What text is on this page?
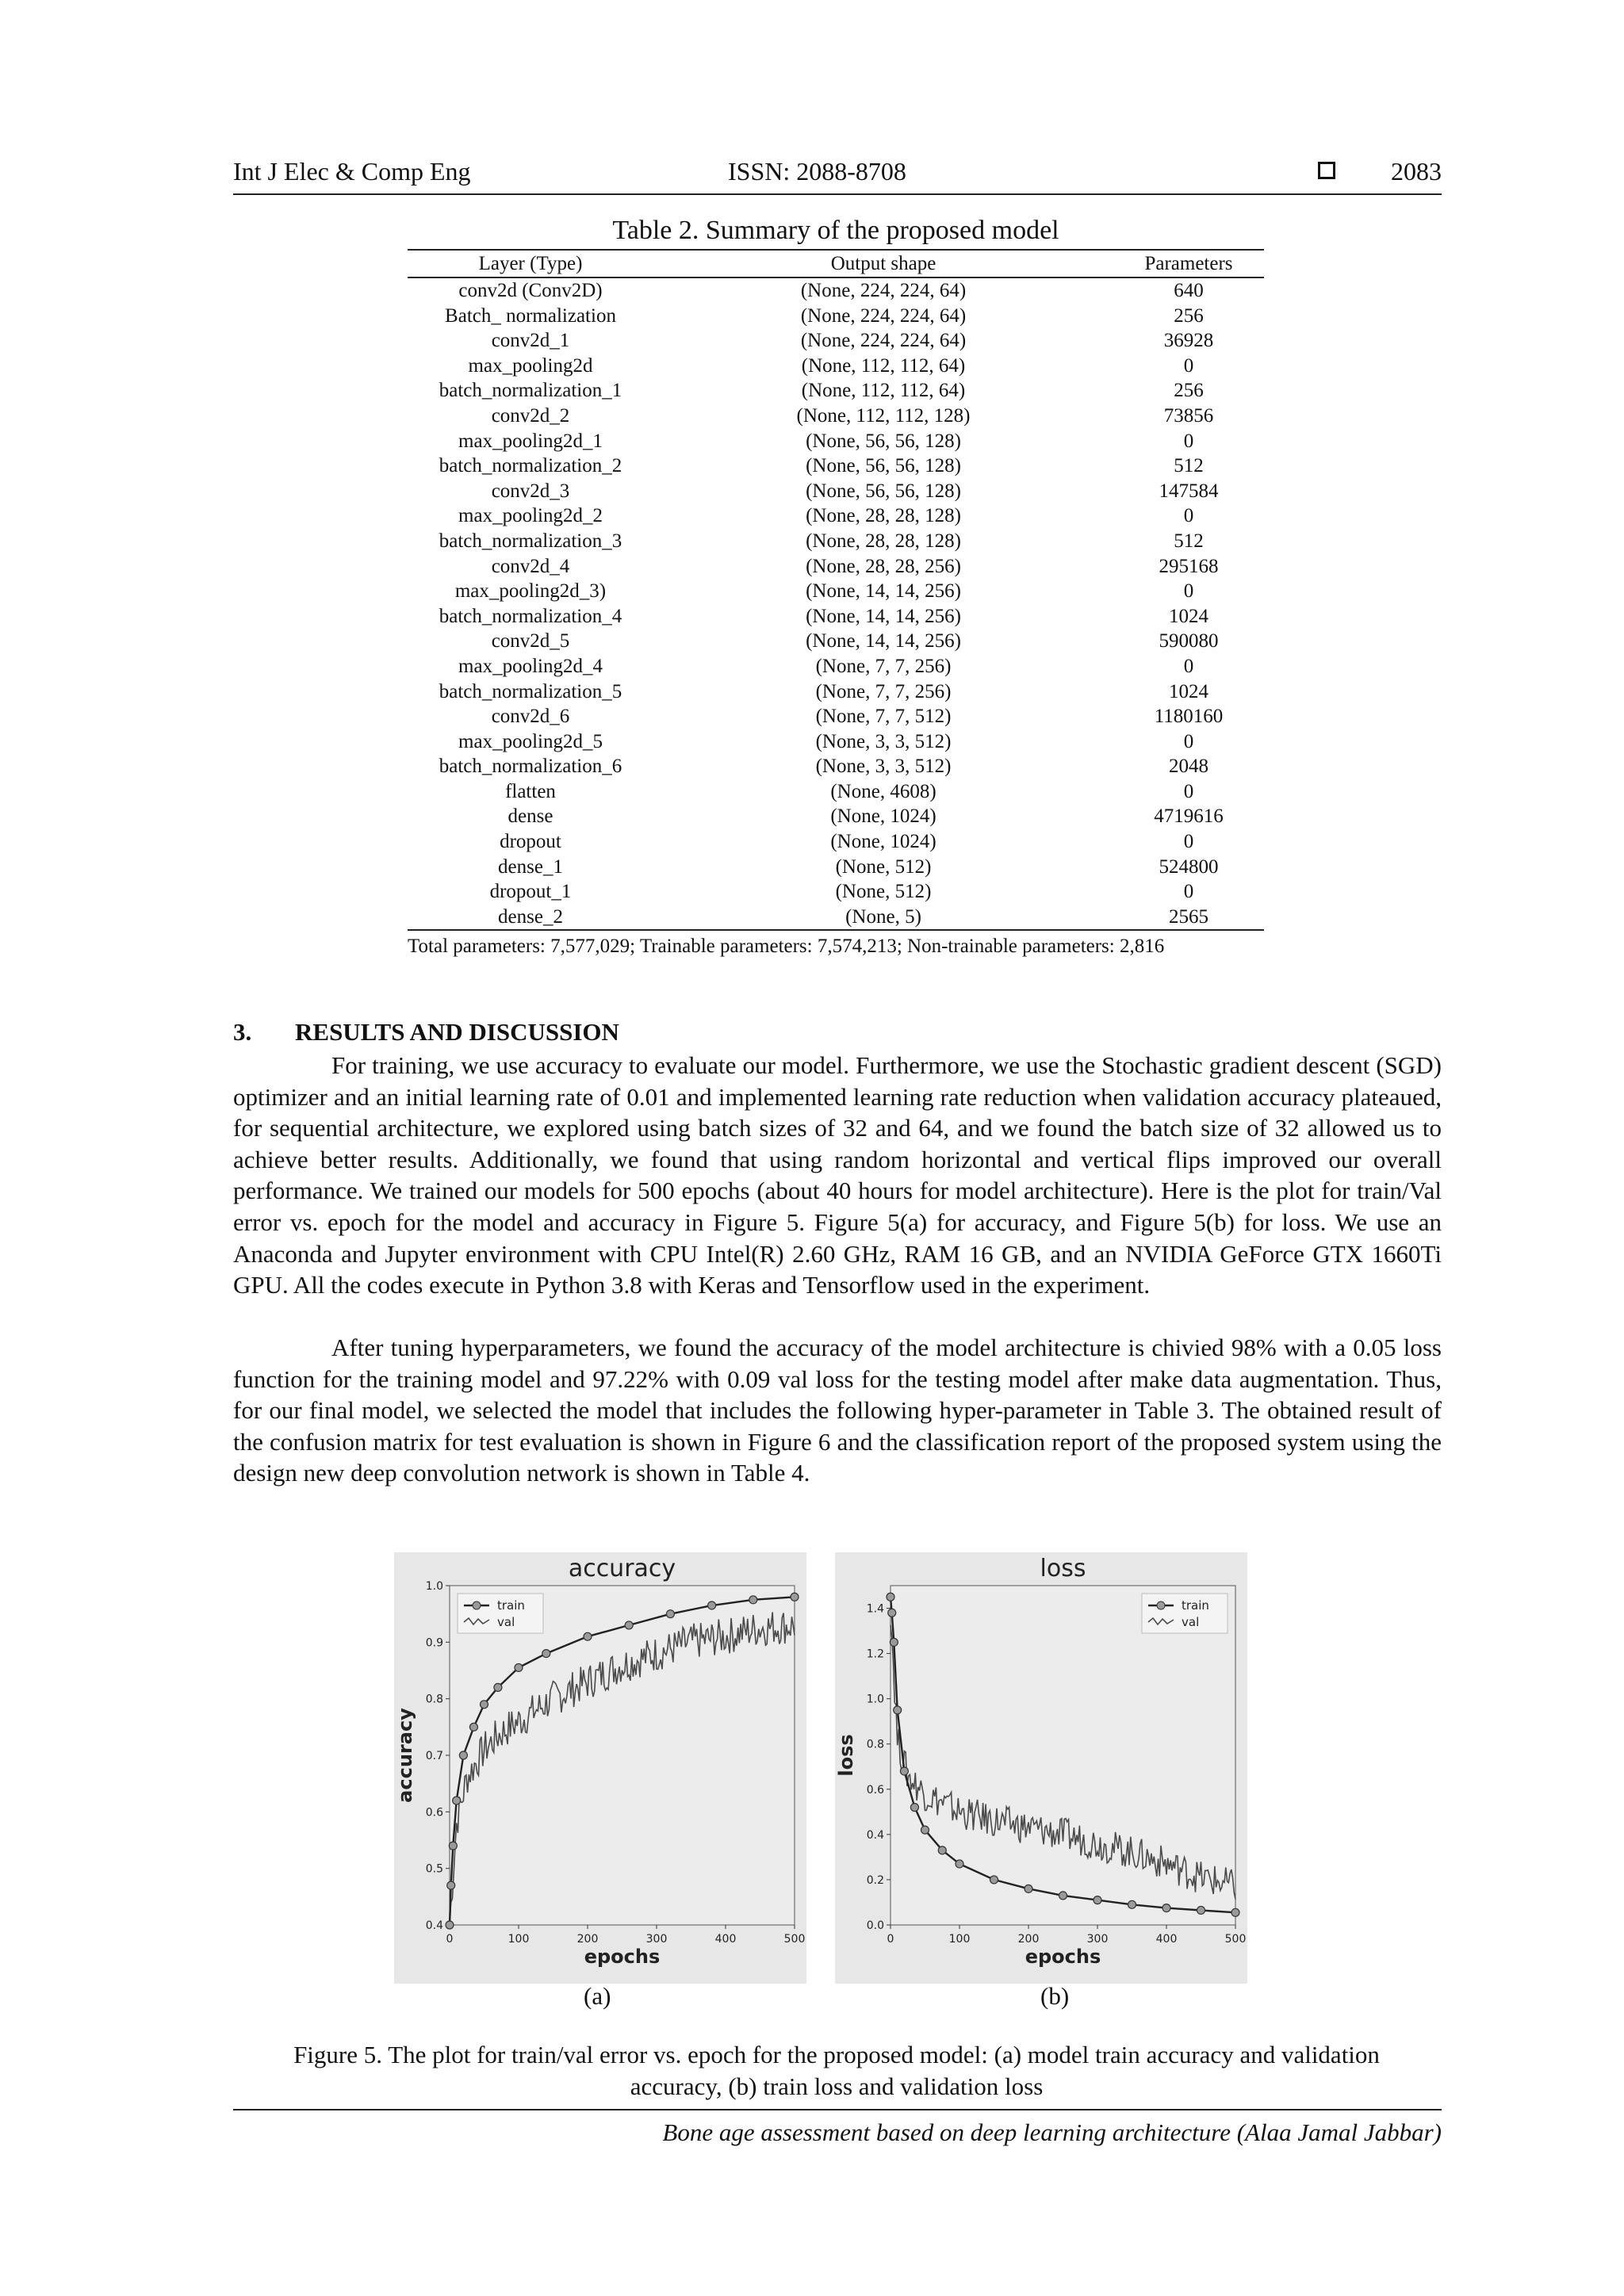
Int J Elec & Comp Eng	ISSN: 2088-8708	2083
Table 2. Summary of the proposed model
Layer (Type)	Output shape	Parameters
conv2d (Conv2D)	(None, 224, 224, 64)	640
Batch_ normalization	(None, 224, 224, 64)	256
conv2d_1	(None, 224, 224, 64)	36928
max_pooling2d	(None, 112, 112, 64)	0
batch_normalization_1	(None, 112, 112, 64)	256
conv2d_2	(None, 112, 112, 128)	73856
max_pooling2d_1	(None, 56, 56, 128)	0
batch_normalization_2	(None, 56, 56, 128)	512
conv2d_3	(None, 56, 56, 128)	147584
max_pooling2d_2	(None, 28, 28, 128)	0
batch_normalization_3	(None, 28, 28, 128)	512
conv2d_4	(None, 28, 28, 256)	295168
max_pooling2d_3)	(None, 14, 14, 256)	0
batch_normalization_4	(None, 14, 14, 256)	1024
conv2d_5	(None, 14, 14, 256)	590080
max_pooling2d_4	(None, 7, 7, 256)	0
batch_normalization_5	(None, 7, 7, 256)	1024
conv2d_6	(None, 7, 7, 512)	1180160
max_pooling2d_5	(None, 3, 3, 512)	0
batch_normalization_6	(None, 3, 3, 512)	2048
flatten	(None, 4608)	0
dense	(None, 1024)	4719616
dropout	(None, 1024)	0
dense_1	(None, 512)	524800
dropout_1	(None, 512)	0
dense_2	(None, 5)	2565
Total parameters: 7,577,029; Trainable parameters: 7,574,213; Non-trainable parameters: 2,816
3. RESULTS AND DISCUSSION

For training, we use accuracy to evaluate our model. Furthermore, we use the Stochastic gradient descent (SGD) optimizer and an initial learning rate of 0.01 and implemented learning rate reduction when validation accuracy plateaued, for sequential architecture, we explored using batch sizes of 32 and 64, and we found the batch size of 32 allowed us to achieve better results. Additionally, we found that using random horizontal and vertical flips improved our overall performance. We trained our models for 500 epochs (about 40 hours for model architecture). Here is the plot for train/Val error vs. epoch for the model and accuracy in Figure 5. Figure 5(a) for accuracy, and Figure 5(b) for loss. We use an Anaconda and Jupyter environment with CPU Intel(R) 2.60 GHz, RAM 16 GB, and an NVIDIA GeForce GTX 1660Ti GPU. All the codes execute in Python 3.8 with Keras and Tensorflow used in the experiment.

After tuning hyperparameters, we found the accuracy of the model architecture is chivied 98% with a 0.05 loss function for the training model and 97.22% with 0.09 val loss for the testing model after make data augmentation. Thus, for our final model, we selected the model that includes the following hyper-parameter in Table 3. The obtained result of the confusion matrix for test evaluation is shown in Figure 6 and the classification report of the proposed system using the design new deep convolution network is shown in Table 4.

accuracy
0.4
0.5
0.6
0.7
0.8
0.9
1.0
0	100	200	300	400	500
epochs
accuracy
train
val
loss
0.0
0.2
0.4
0.6
0.8
1.0
1.2
1.4
0	100	200	300	400	500
epochs
loss
train
val
(a)	(b)
Figure 5. The plot for train/val error vs. epoch for the proposed model: (a) model train accuracy and validation accuracy, (b) train loss and validation loss
Bone age assessment based on deep learning architecture (Alaa Jamal Jabbar)
